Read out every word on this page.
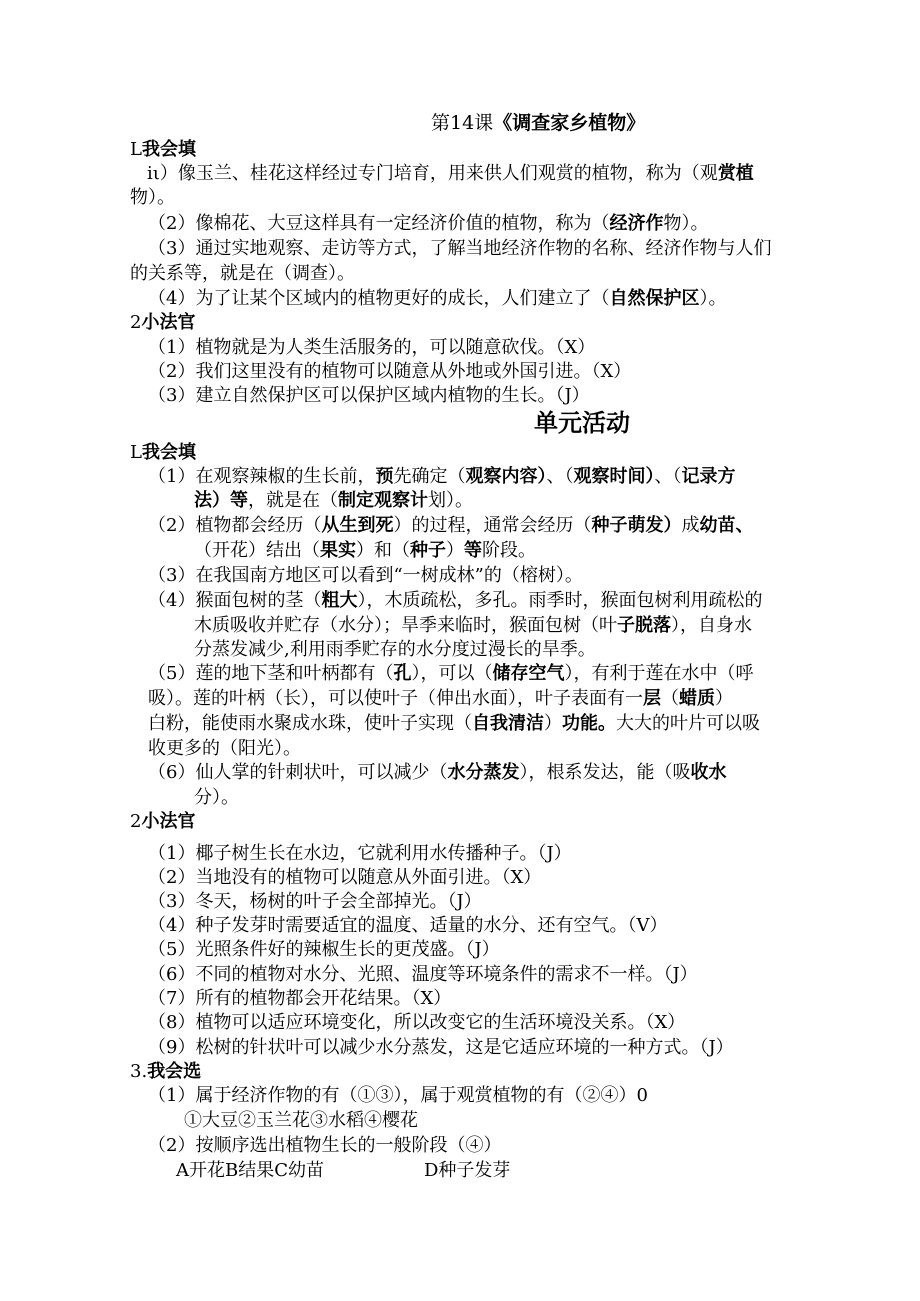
第14课《调查家乡植物》
L我会填
iι）像玉兰、桂花这样经过专门培育，用来供人们观赏的植物，称为（观赏植
物）。
（2）像棉花、大豆这样具有一定经济价值的植物，称为（经济作物）。
（3）通过实地观察、走访等方式，了解当地经济作物的名称、经济作物与人们
的关系等，就是在（调查）。
（4）为了让某个区域内的植物更好的成长，人们建立了（自然保护区）。
2小法官
（1）植物就是为人类生活服务的，可以随意砍伐。（X）
（2）我们这里没有的植物可以随意从外地或外国引进。（X）
（3）建立自然保护区可以保护区域内植物的生长。（J）
单元活动
L我会填
（1）在观察辣椒的生长前，预先确定（观察内容）、（观察时间）、（记录方
法）等，就是在（制定观察计划）。
（2）植物都会经历（从生到死）的过程，通常会经历（种子萌发）成幼苗、
（开花）结出（果实）和（种子）等阶段。
（3）在我国南方地区可以看到“一树成林”的（榕树）。
（4）猴面包树的茎（粗大），木质疏松，多孔。雨季时，猴面包树利用疏松的
木质吸收并贮存（水分）；旱季来临时，猴面包树（叶子脱落），自身水
分蒸发减少,利用雨季贮存的水分度过漫长的旱季。
（5）莲的地下茎和叶柄都有（孔），可以（储存空气），有利于莲在水中（呼
吸）。莲的叶柄（长），可以使叶子（伸出水面），叶子表面有一层（蜡质）
白粉，能使雨水聚成水珠，使叶子实现（自我清洁）功能。大大的叶片可以吸
收更多的（阳光）。
（6）仙人掌的针刺状叶，可以减少（水分蒸发），根系发达，能（吸收水
分）。
2小法官
（1）椰子树生长在水边，它就利用水传播种子。（J）
（2）当地没有的植物可以随意从外面引进。（X）
（3）冬天，杨树的叶子会全部掉光。（J）
（4）种子发芽时需要适宜的温度、适量的水分、还有空气。（V）
（5）光照条件好的辣椒生长的更茂盛。（J）
（6）不同的植物对水分、光照、温度等环境条件的需求不一样。（J）
（7）所有的植物都会开花结果。（X）
（8）植物可以适应环境变化，所以改变它的生活环境没关系。（X）
（9）松树的针状叶可以减少水分蒸发，这是它适应环境的一种方式。（J）
3.我会选
（1）属于经济作物的有（①③），属于观赏植物的有（②④）0
①大豆②玉兰花③水稻④樱花
（2）按顺序选出植物生长的一般阶段（④）
A开花B结果C幼苗	D种子发芽
